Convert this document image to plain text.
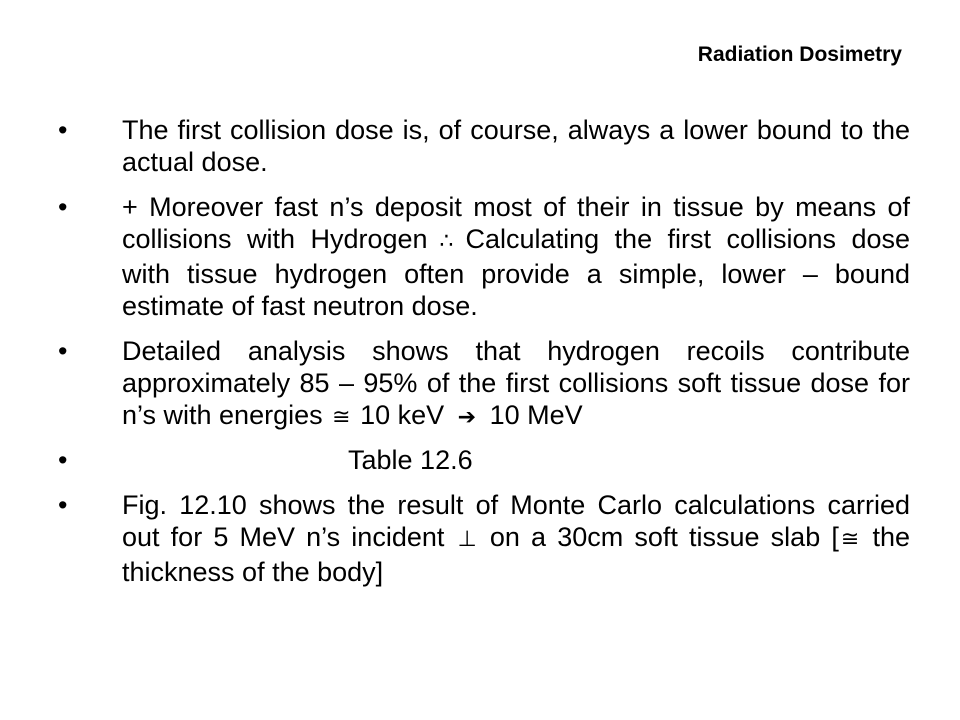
Radiation Dosimetry
•	The first collision dose is, of course, always a lower bound to the actual dose.
•	+ Moreover fast n’s deposit most of their in tissue by means of collisions with Hydrogen ∴ Calculating the first collisions dose with tissue hydrogen often provide a simple, lower – bound estimate of fast neutron dose.
•	Detailed analysis shows that hydrogen recoils contribute approximately 85 – 95% of the first collisions soft tissue dose for n’s with energies ≅ 10 keV ➔ 10 MeV
•	Table 12.6
•	Fig. 12.10 shows the result of Monte Carlo calculations carried out for 5 MeV n’s incident ⊥ on a 30cm soft tissue slab [≅ the thickness of the body]
